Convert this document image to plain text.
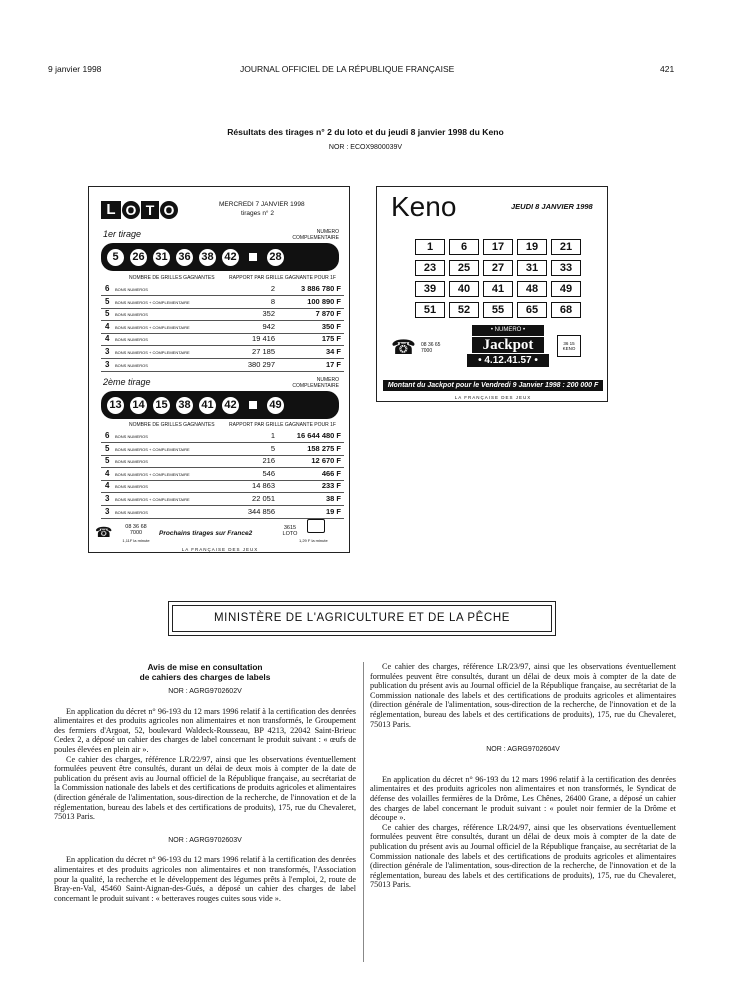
9 janvier 1998	JOURNAL OFFICIEL DE LA RÉPUBLIQUE FRANÇAISE	421
Résultats des tirages n° 2 du loto et du jeudi 8 janvier 1998 du Keno
NOR : ECOX9800039V
L O T O	MERCREDI 7 JANVIER 1998
tirages n° 2
1er tirage	NUMERO COMPLEMENTAIRE
5	26 31 36 38 42	28
NOMBRE DE GRILLES GAGNANTES	RAPPORT PAR GRILLE GAGNANTE POUR 1F
6 BONS NUMEROS	2	3 886 780 F
5 BONS NUMEROS + COMPLEMENTAIRE	8	100 890 F
5 BONS NUMEROS	352	7 870 F
4 BONS NUMEROS + COMPLEMENTAIRE	942	350 F
4 BONS NUMEROS	19 416	175 F
3 BONS NUMEROS + COMPLEMENTAIRE	27 185	34 F
3 BONS NUMEROS	380 297	17 F
2ème tirage	NUMERO COMPLEMENTAIRE
13 14 15 38 41 42	49
NOMBRE DE GRILLES GAGNANTES	RAPPORT PAR GRILLE GAGNANTE POUR 1F
6 BONS NUMEROS	1	16 644 480 F
5 BONS NUMEROS + COMPLEMENTAIRE	5	158 275 F
5 BONS NUMEROS	216	12 670 F
4 BONS NUMEROS + COMPLEMENTAIRE	546	466 F
4 BONS NUMEROS	14 863	233 F
3 BONS NUMEROS + COMPLEMENTAIRE	22 051	38 F
3 BONS NUMEROS	344 856	19 F
☎	08 36 68 7000
1,11F la minute
Prochains tirages sur France2
3615 LOTO
1,29 F la minute
LA FRANÇAISE DES JEUX
Keno	JEUDI 8 JANVIER 1998
1	6	17	19	21
23	25	27	31	33
39	40	41	48	49
51	52	55	65	68
• NUMERO •
Jackpot
• 4.12.41.57 •
☎ 08 36 65 7000
36 15 KENO
Montant du Jackpot pour le Vendredi 9 Janvier 1998 : 200 000 F
LA FRANÇAISE DES JEUX
MINISTÈRE DE L'AGRICULTURE ET DE LA PÊCHE
Avis de mise en consultation
de cahiers des charges de labels
NOR : AGRG9702602V

En application du décret n° 96-193 du 12 mars 1996 relatif à la certification des denrées alimentaires et des produits agricoles non alimentaires et non transformés, le Groupement des fermiers d'Argoat, 52, boulevard Waldeck-Rousseau, BP 4213, 22042 Saint-Brieuc Cedex 2, a déposé un cahier des charges de label concernant le produit suivant : « œufs de poules élevées en plein air ».

Ce cahier des charges, référence LR/22/97, ainsi que les observations éventuellement formulées peuvent être consultés, durant un délai de deux mois à compter de la date de publication du présent avis au Journal officiel de la République française, au secrétariat de la Commission nationale des labels et des certifications de produits agricoles et alimentaires (direction générale de l'alimentation, sous-direction de la recherche, de l'innovation et de la réglementation, bureau des labels et des certifications de produits), 175, rue du Chevaleret, 75013 Paris.

NOR : AGRG9702603V

En application du décret n° 96-193 du 12 mars 1996 relatif à la certification des denrées alimentaires et des produits agricoles non alimentaires et non transformés, l'Association pour la qualité, la recherche et le développement des légumes prêts à l'emploi, 2, route de Bray-en-Val, 45460 Saint-Aignan-des-Gués, a déposé un cahier des charges de label concernant le produit suivant : « betteraves rouges cuites sous vide ».

Ce cahier des charges, référence LR/23/97, ainsi que les observations éventuellement formulées peuvent être consultés, durant un délai de deux mois à compter de la date de publication du présent avis au Journal officiel de la République française, au secrétariat de la Commission nationale des labels et des certifications de produits agricoles et alimentaires (direction générale de l'alimentation, sous-direction de la recherche, de l'innovation et de la réglementation, bureau des labels et des certifications de produits), 175, rue du Chevaleret, 75013 Paris.

NOR : AGRG9702604V

En application du décret n° 96-193 du 12 mars 1996 relatif à la certification des denrées alimentaires et des produits agricoles non alimentaires et non transformés, le Syndicat de défense des volailles fermières de la Drôme, Les Chênes, 26400 Grane, a déposé un cahier des charges de label concernant le produit suivant : « poulet noir fermier de la Drôme et découpe ».

Ce cahier des charges, référence LR/24/97, ainsi que les observations éventuellement formulées peuvent être consultés, durant un délai de deux mois à compter de la date de publication du présent avis au Journal officiel de la République française, au secrétariat de la Commission nationale des labels et des certifications de produits agricoles et alimentaires (direction générale de l'alimentation, sous-direction de la recherche, de l'innovation et de la réglementation, bureau des labels et des certifications de produits), 175, rue du Chevaleret, 75013 Paris.
